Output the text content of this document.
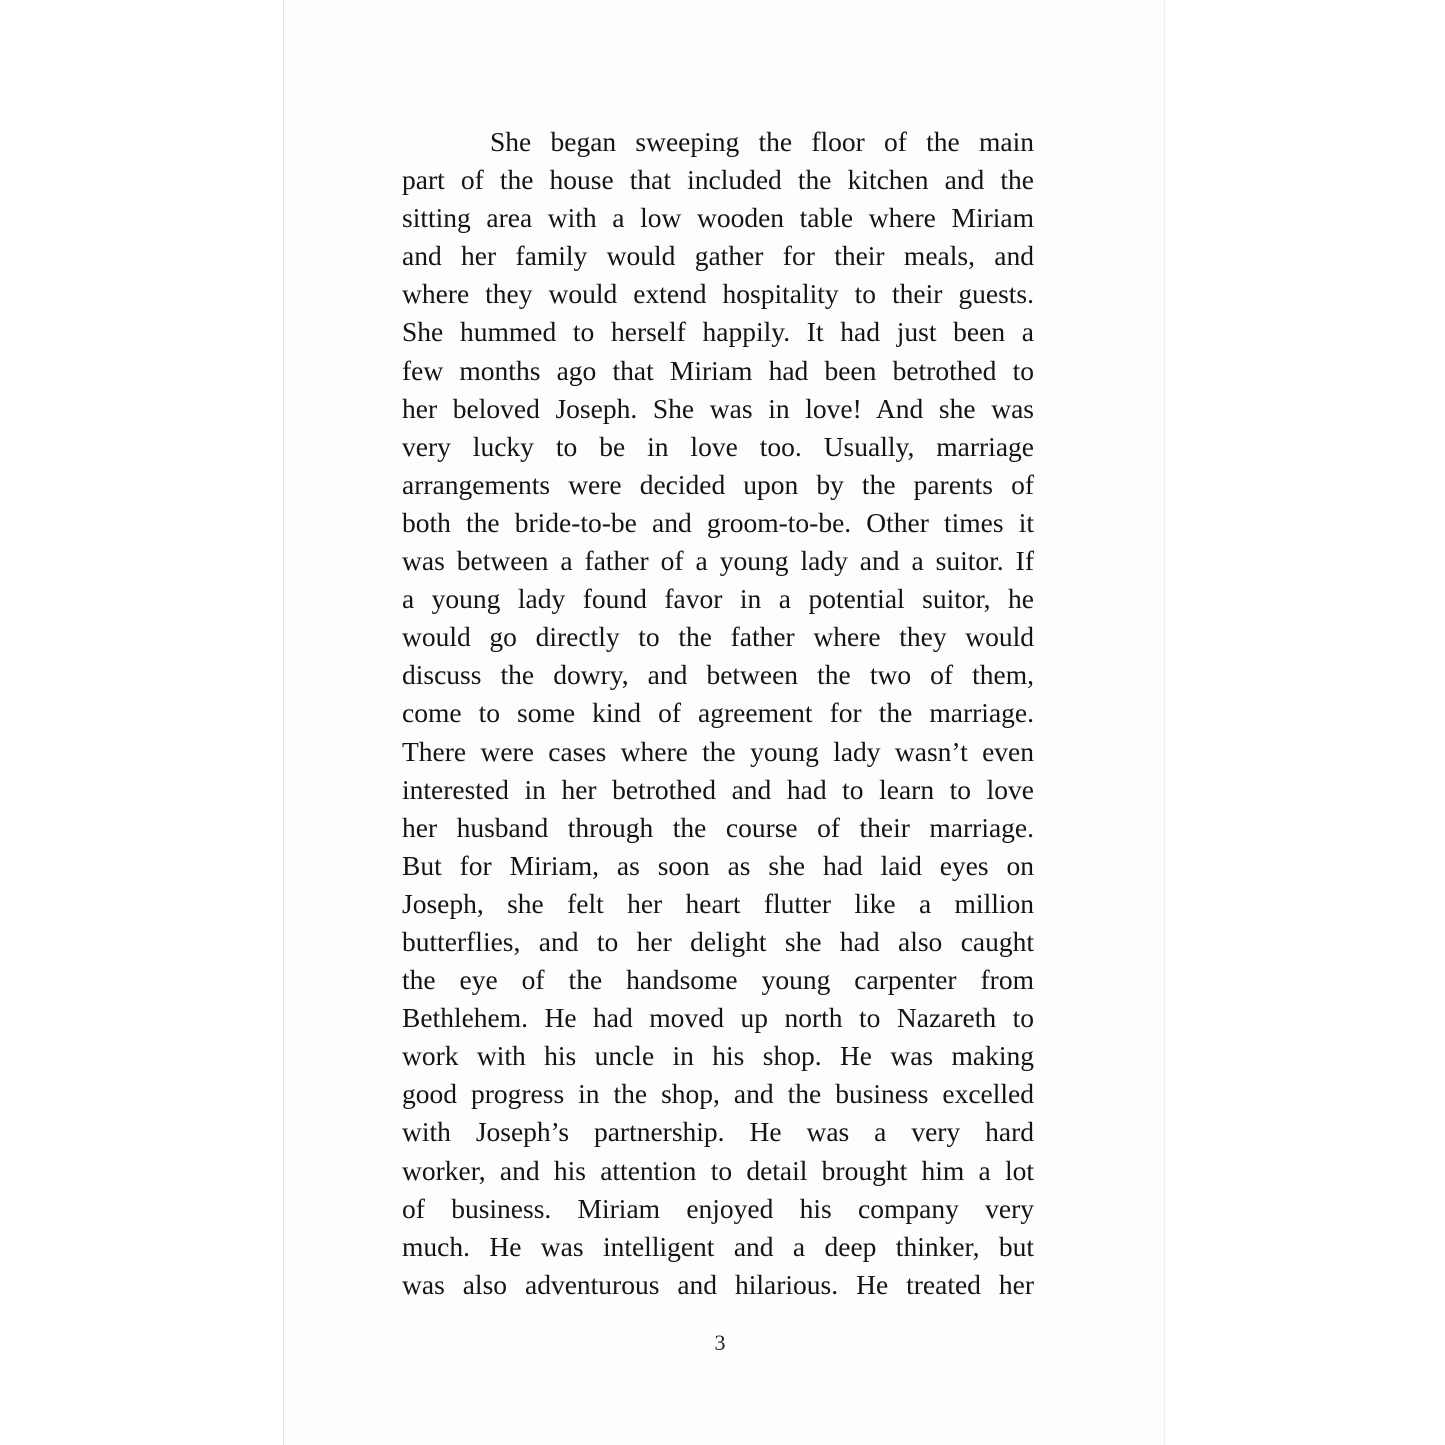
She began sweeping the floor of the main
part of the house that included the kitchen and the
sitting area with a low wooden table where Miriam
and her family would gather for their meals, and
where they would extend hospitality to their guests.
She hummed to herself happily. It had just been a
few months ago that Miriam had been betrothed to
her beloved Joseph. She was in love! And she was
very lucky to be in love too. Usually, marriage
arrangements were decided upon by the parents of
both the bride-to-be and groom-to-be. Other times it
was between a father of a young lady and a suitor. If
a young lady found favor in a potential suitor, he
would go directly to the father where they would
discuss the dowry, and between the two of them,
come to some kind of agreement for the marriage.
There were cases where the young lady wasn’t even
interested in her betrothed and had to learn to love
her husband through the course of their marriage.
But for Miriam, as soon as she had laid eyes on
Joseph, she felt her heart flutter like a million
butterflies, and to her delight she had also caught
the eye of the handsome young carpenter from
Bethlehem. He had moved up north to Nazareth to
work with his uncle in his shop. He was making
good progress in the shop, and the business excelled
with Joseph’s partnership. He was a very hard
worker, and his attention to detail brought him a lot
of business. Miriam enjoyed his company very
much. He was intelligent and a deep thinker, but
was also adventurous and hilarious. He treated her
3
